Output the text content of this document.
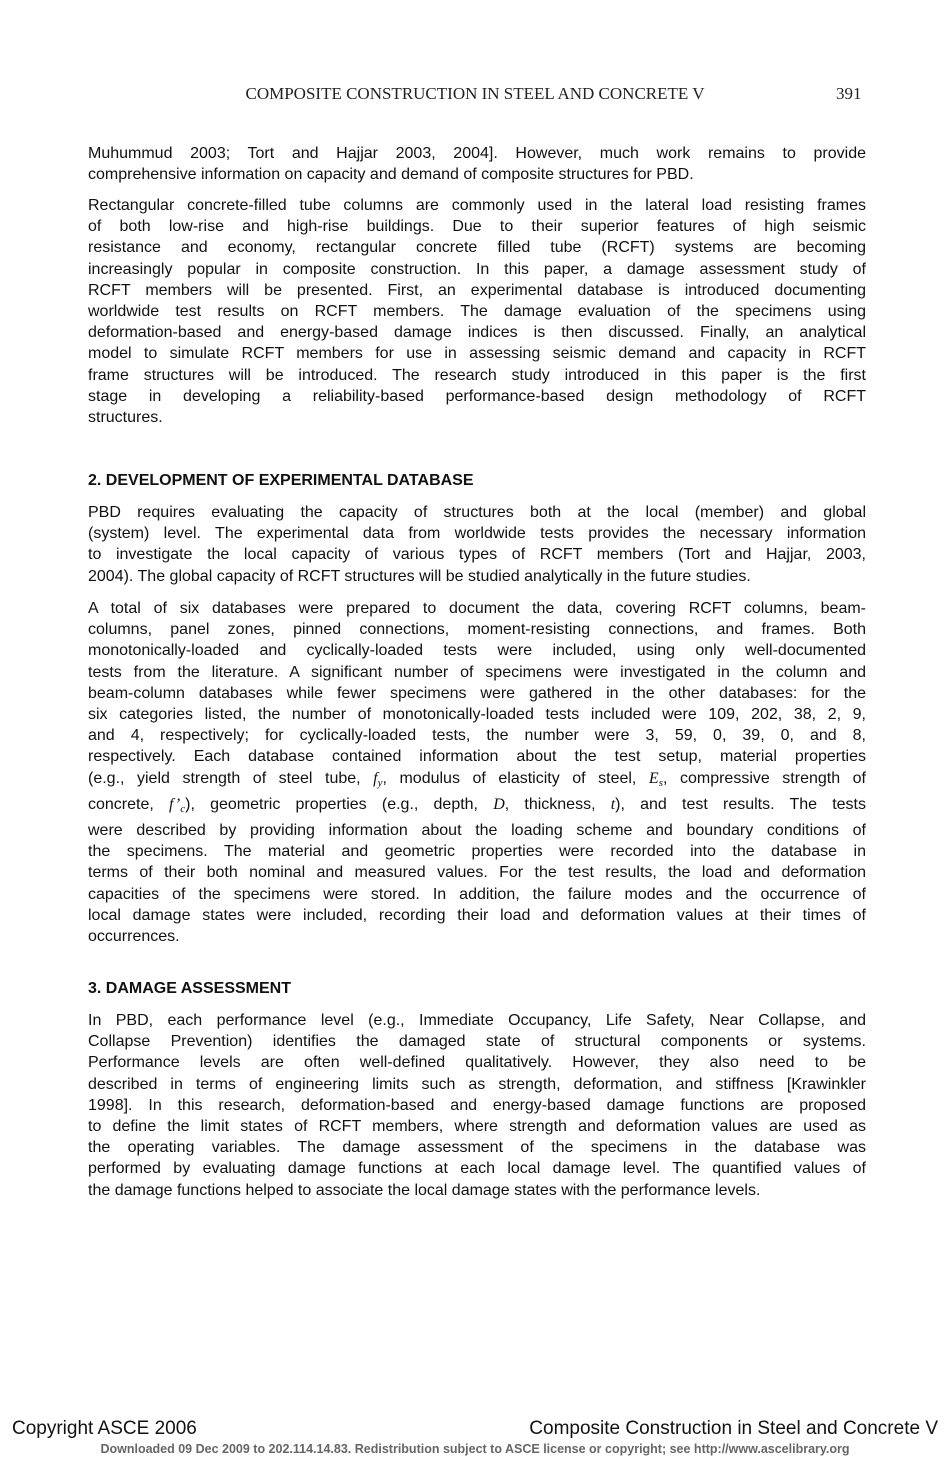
COMPOSITE CONSTRUCTION IN STEEL AND CONCRETE V	391
Muhummud 2003; Tort and Hajjar 2003, 2004]. However, much work remains to provide
comprehensive information on capacity and demand of composite structures for PBD.
Rectangular concrete-filled tube columns are commonly used in the lateral load resisting frames
of both low-rise and high-rise buildings. Due to their superior features of high seismic
resistance and economy, rectangular concrete filled tube (RCFT) systems are becoming
increasingly popular in composite construction. In this paper, a damage assessment study of
RCFT members will be presented. First, an experimental database is introduced documenting
worldwide test results on RCFT members. The damage evaluation of the specimens using
deformation-based and energy-based damage indices is then discussed. Finally, an analytical
model to simulate RCFT members for use in assessing seismic demand and capacity in RCFT
frame structures will be introduced. The research study introduced in this paper is the first
stage in developing a reliability-based performance-based design methodology of RCFT
structures.
2. DEVELOPMENT OF EXPERIMENTAL DATABASE
PBD requires evaluating the capacity of structures both at the local (member) and global
(system) level. The experimental data from worldwide tests provides the necessary information
to investigate the local capacity of various types of RCFT members (Tort and Hajjar, 2003,
2004). The global capacity of RCFT structures will be studied analytically in the future studies.
A total of six databases were prepared to document the data, covering RCFT columns, beam-
columns, panel zones, pinned connections, moment-resisting connections, and frames. Both
monotonically-loaded and cyclically-loaded tests were included, using only well-documented
tests from the literature. A significant number of specimens were investigated in the column and
beam-column databases while fewer specimens were gathered in the other databases: for the
six categories listed, the number of monotonically-loaded tests included were 109, 202, 38, 2, 9,
and 4, respectively; for cyclically-loaded tests, the number were 3, 59, 0, 39, 0, and 8,
respectively. Each database contained information about the test setup, material properties
(e.g., yield strength of steel tube, $f_y$, modulus of elasticity of steel, $E_s$, compressive strength of
concrete, $f’_c$), geometric properties (e.g., depth, D, thickness, t), and test results. The tests
were described by providing information about the loading scheme and boundary conditions of
the specimens. The material and geometric properties were recorded into the database in
terms of their both nominal and measured values. For the test results, the load and deformation
capacities of the specimens were stored. In addition, the failure modes and the occurrence of
local damage states were included, recording their load and deformation values at their times of
occurrences.
3. DAMAGE ASSESSMENT
In PBD, each performance level (e.g., Immediate Occupancy, Life Safety, Near Collapse, and
Collapse Prevention) identifies the damaged state of structural components or systems.
Performance levels are often well-defined qualitatively. However, they also need to be
described in terms of engineering limits such as strength, deformation, and stiffness [Krawinkler
1998]. In this research, deformation-based and energy-based damage functions are proposed
to define the limit states of RCFT members, where strength and deformation values are used as
the operating variables. The damage assessment of the specimens in the database was
performed by evaluating damage functions at each local damage level. The quantified values of
the damage functions helped to associate the local damage states with the performance levels.
Copyright ASCE 2006	Composite Construction in Steel and Concrete V
Downloaded 09 Dec 2009 to 202.114.14.83. Redistribution subject to ASCE license or copyright; see http://www.ascelibrary.org
